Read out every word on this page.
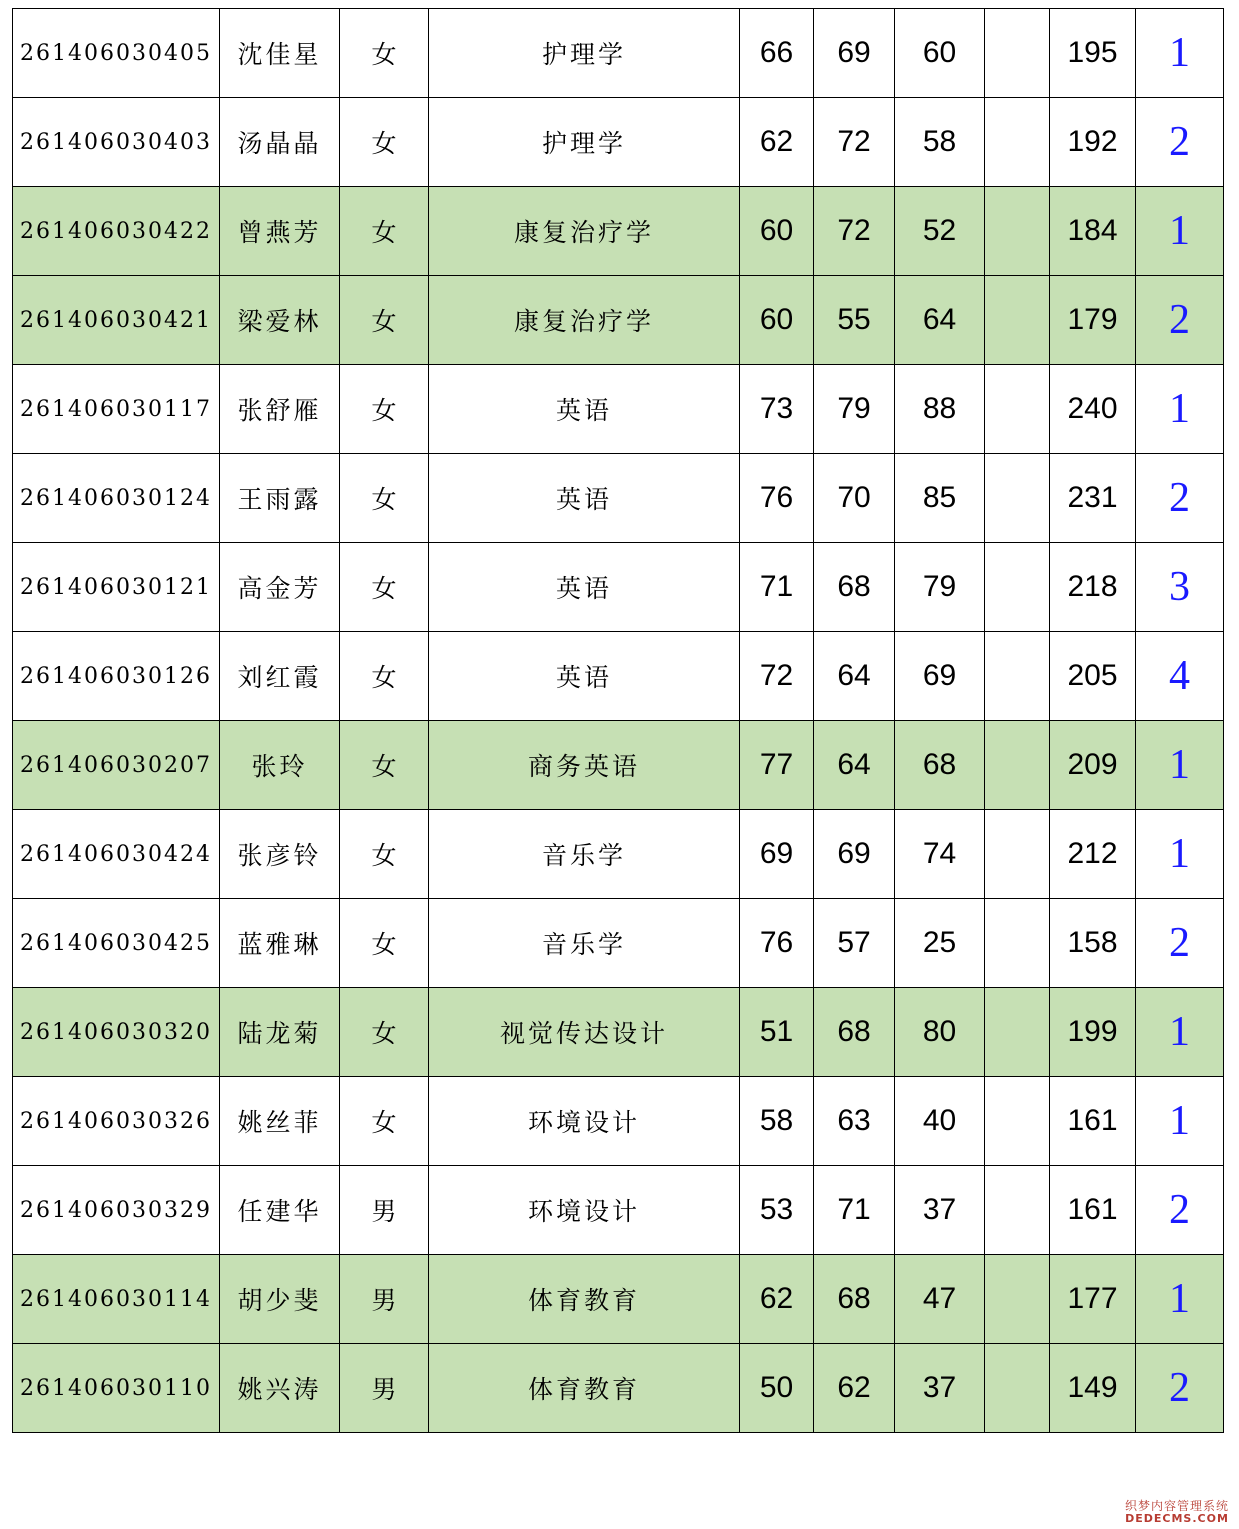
261406030405	沈佳星	女	护理学	66	69	60		195	1
261406030403	汤晶晶	女	护理学	62	72	58		192	2
261406030422	曾燕芳	女	康复治疗学	60	72	52		184	1
261406030421	梁爱林	女	康复治疗学	60	55	64		179	2
261406030117	张舒雁	女	英语	73	79	88		240	1
261406030124	王雨露	女	英语	76	70	85		231	2
261406030121	高金芳	女	英语	71	68	79		218	3
261406030126	刘红霞	女	英语	72	64	69		205	4
261406030207	张玲	女	商务英语	77	64	68		209	1
261406030424	张彦铃	女	音乐学	69	69	74		212	1
261406030425	蓝雅琳	女	音乐学	76	57	25		158	2
261406030320	陆龙菊	女	视觉传达设计	51	68	80		199	1
261406030326	姚丝菲	女	环境设计	58	63	40		161	1
261406030329	任建华	男	环境设计	53	71	37		161	2
261406030114	胡少斐	男	体育教育	62	68	47		177	1
261406030110	姚兴涛	男	体育教育	50	62	37		149	2
织梦内容管理系统
DEDECMS.COM
